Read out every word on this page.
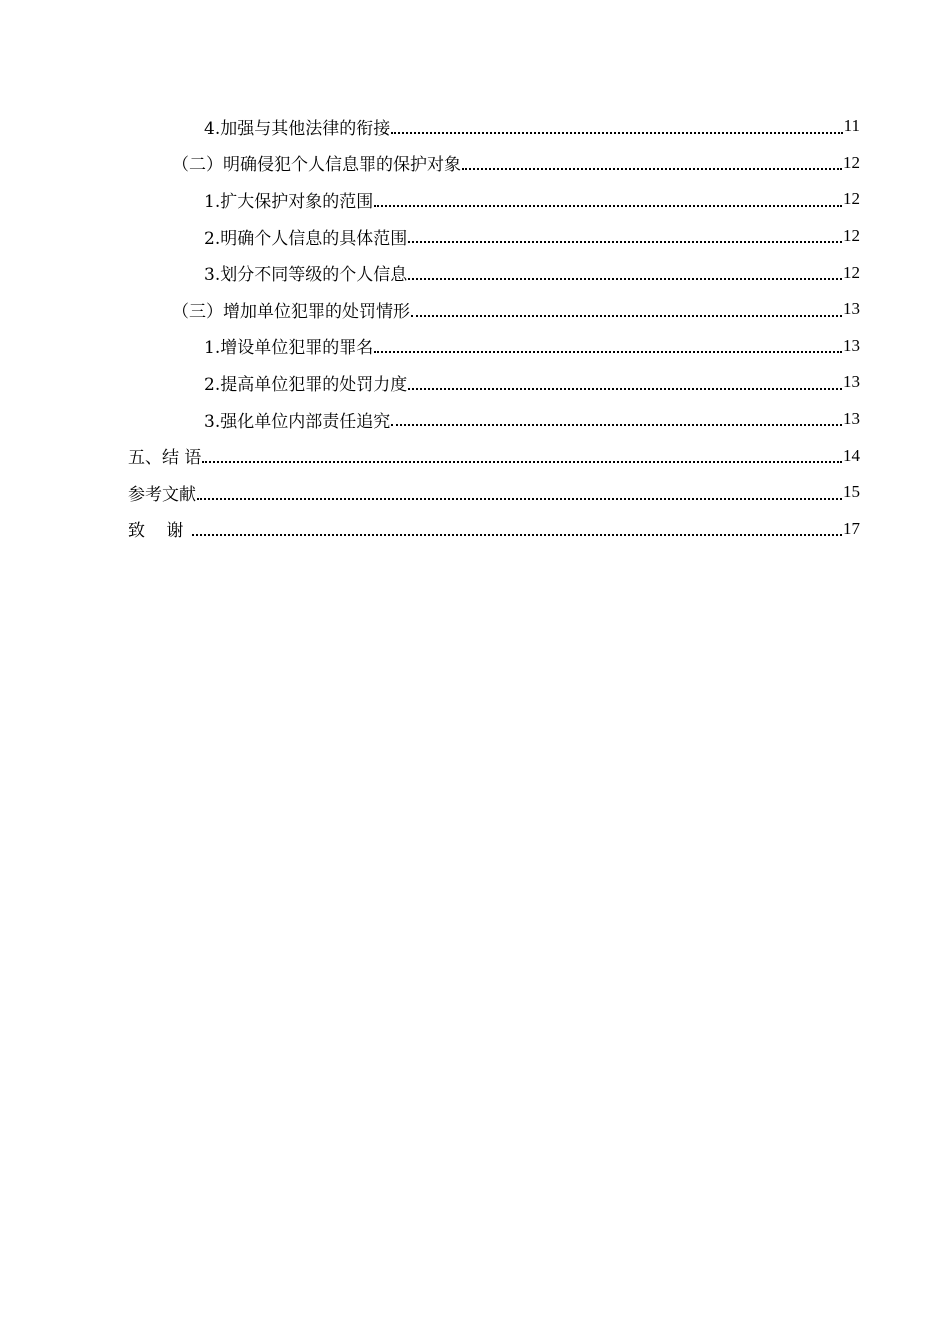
4.加强与其他法律的衔接	11
（二）明确侵犯个人信息罪的保护对象	12
1.扩大保护对象的范围	12
2.明确个人信息的具体范围	12
3.划分不同等级的个人信息	12
（三）增加单位犯罪的处罚情形	13
1.增设单位犯罪的罪名	13
2.提高单位犯罪的处罚力度	13
3.强化单位内部责任追究	13
五、结 语	14
参考文献	15
致 谢	17
